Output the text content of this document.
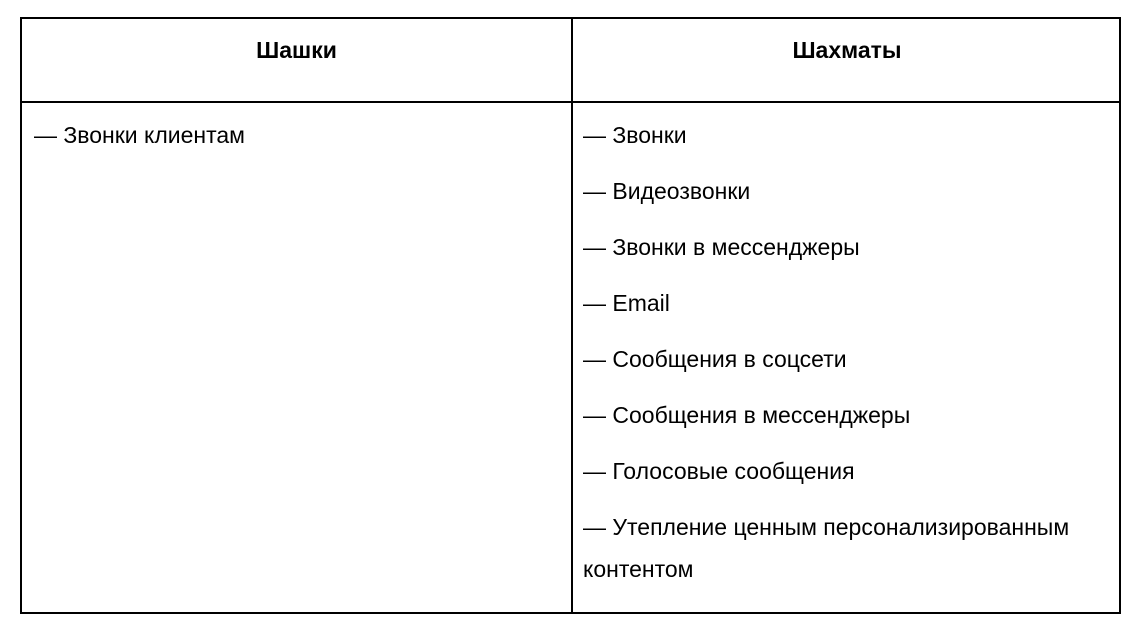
Шашки	Шахматы
— Звонки клиентам	— Звонки
— Видеозвонки
— Звонки в мессенджеры
— Email
— Сообщения в соцсети
— Сообщения в мессенджеры
— Голосовые сообщения
— Утепление ценным персонализированным контентом
